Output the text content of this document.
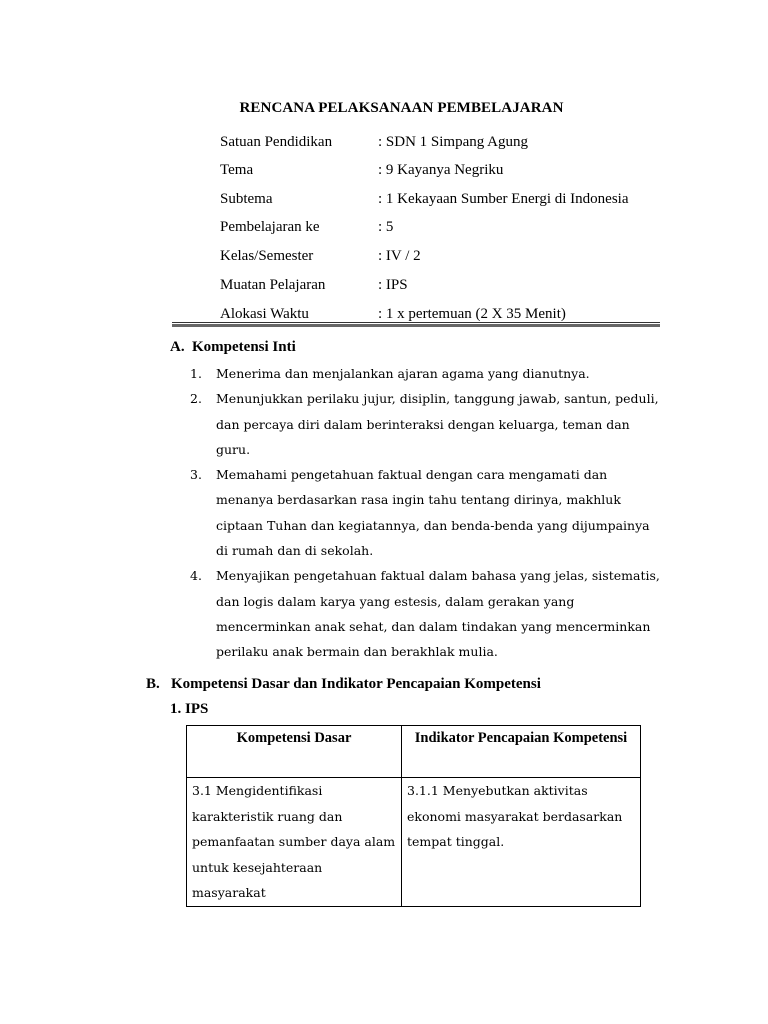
RENCANA PELAKSANAAN PEMBELAJARAN
Satuan Pendidikan	: SDN 1 Simpang Agung
Tema	: 9 Kayanya Negriku
Subtema	: 1 Kekayaan Sumber Energi di Indonesia
Pembelajaran ke	: 5
Kelas/Semester	: IV / 2
Muatan Pelajaran	: IPS
Alokasi Waktu	: 1 x pertemuan (2 X 35 Menit)
A. Kompetensi Inti
1. Menerima dan menjalankan ajaran agama yang dianutnya.
2. Menunjukkan perilaku jujur, disiplin, tanggung jawab, santun, peduli, dan percaya diri dalam berinteraksi dengan keluarga, teman dan guru.
3. Memahami pengetahuan faktual dengan cara mengamati dan menanya berdasarkan rasa ingin tahu tentang dirinya, makhluk ciptaan Tuhan dan kegiatannya, dan benda-benda yang dijumpainya di rumah dan di sekolah.
4. Menyajikan pengetahuan faktual dalam bahasa yang jelas, sistematis, dan logis dalam karya yang estesis, dalam gerakan yang mencerminkan anak sehat, dan dalam tindakan yang mencerminkan perilaku anak bermain dan berakhlak mulia.
B. Kompetensi Dasar dan Indikator Pencapaian Kompetensi
1. IPS
Kompetensi Dasar	Indikator Pencapaian Kompetensi
3.1 Mengidentifikasi karakteristik ruang dan pemanfaatan sumber daya alam untuk kesejahteraan masyarakat	3.1.1 Menyebutkan aktivitas ekonomi masyarakat berdasarkan tempat tinggal.
